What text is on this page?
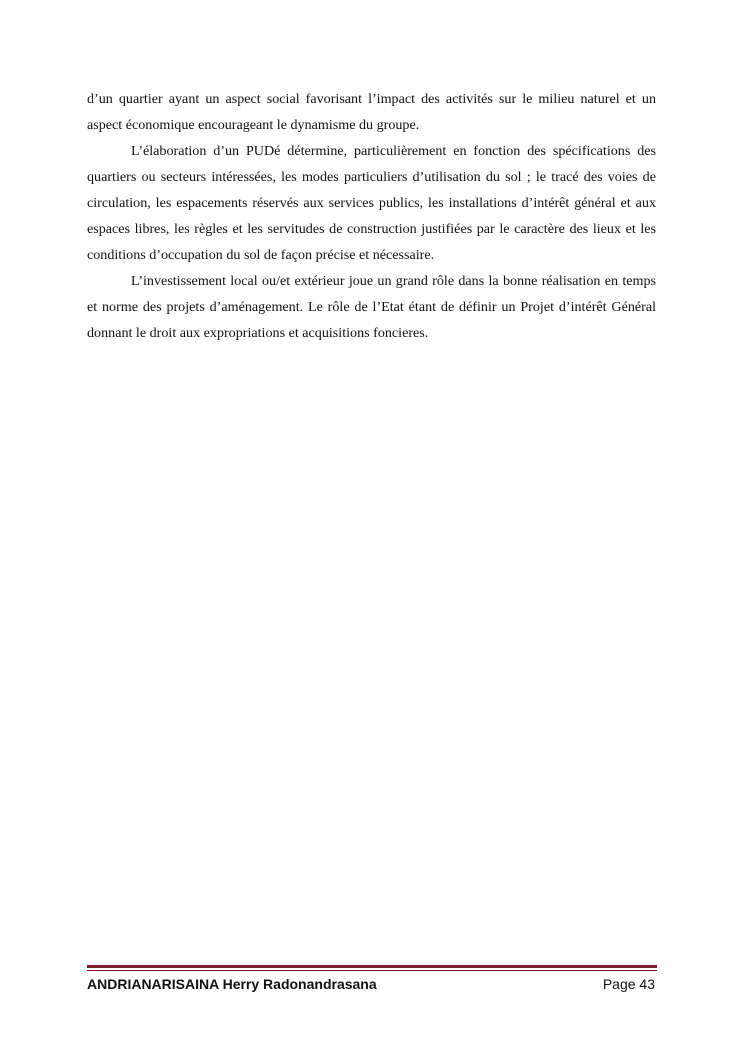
d’un quartier ayant un aspect social favorisant l’impact des activités sur le milieu naturel et un aspect économique encourageant le dynamisme du groupe.

L’élaboration d’un PUDé détermine, particulièrement en fonction des spécifications des quartiers ou secteurs intéressées, les modes particuliers d’utilisation du sol ; le tracé des voies de circulation, les espacements réservés aux services publics, les installations d’intérêt général et aux espaces libres, les règles et les servitudes de construction justifiées par le caractère des lieux et les conditions d’occupation du sol de façon précise et nécessaire.

L’investissement local ou/et extérieur joue un grand rôle dans la bonne réalisation en temps et norme des projets d’aménagement. Le rôle de l’Etat étant de définir un Projet d’intérêt Général donnant le droit aux expropriations et acquisitions foncieres.

ANDRIANARISAINA Herry Radonandrasana	Page 43
